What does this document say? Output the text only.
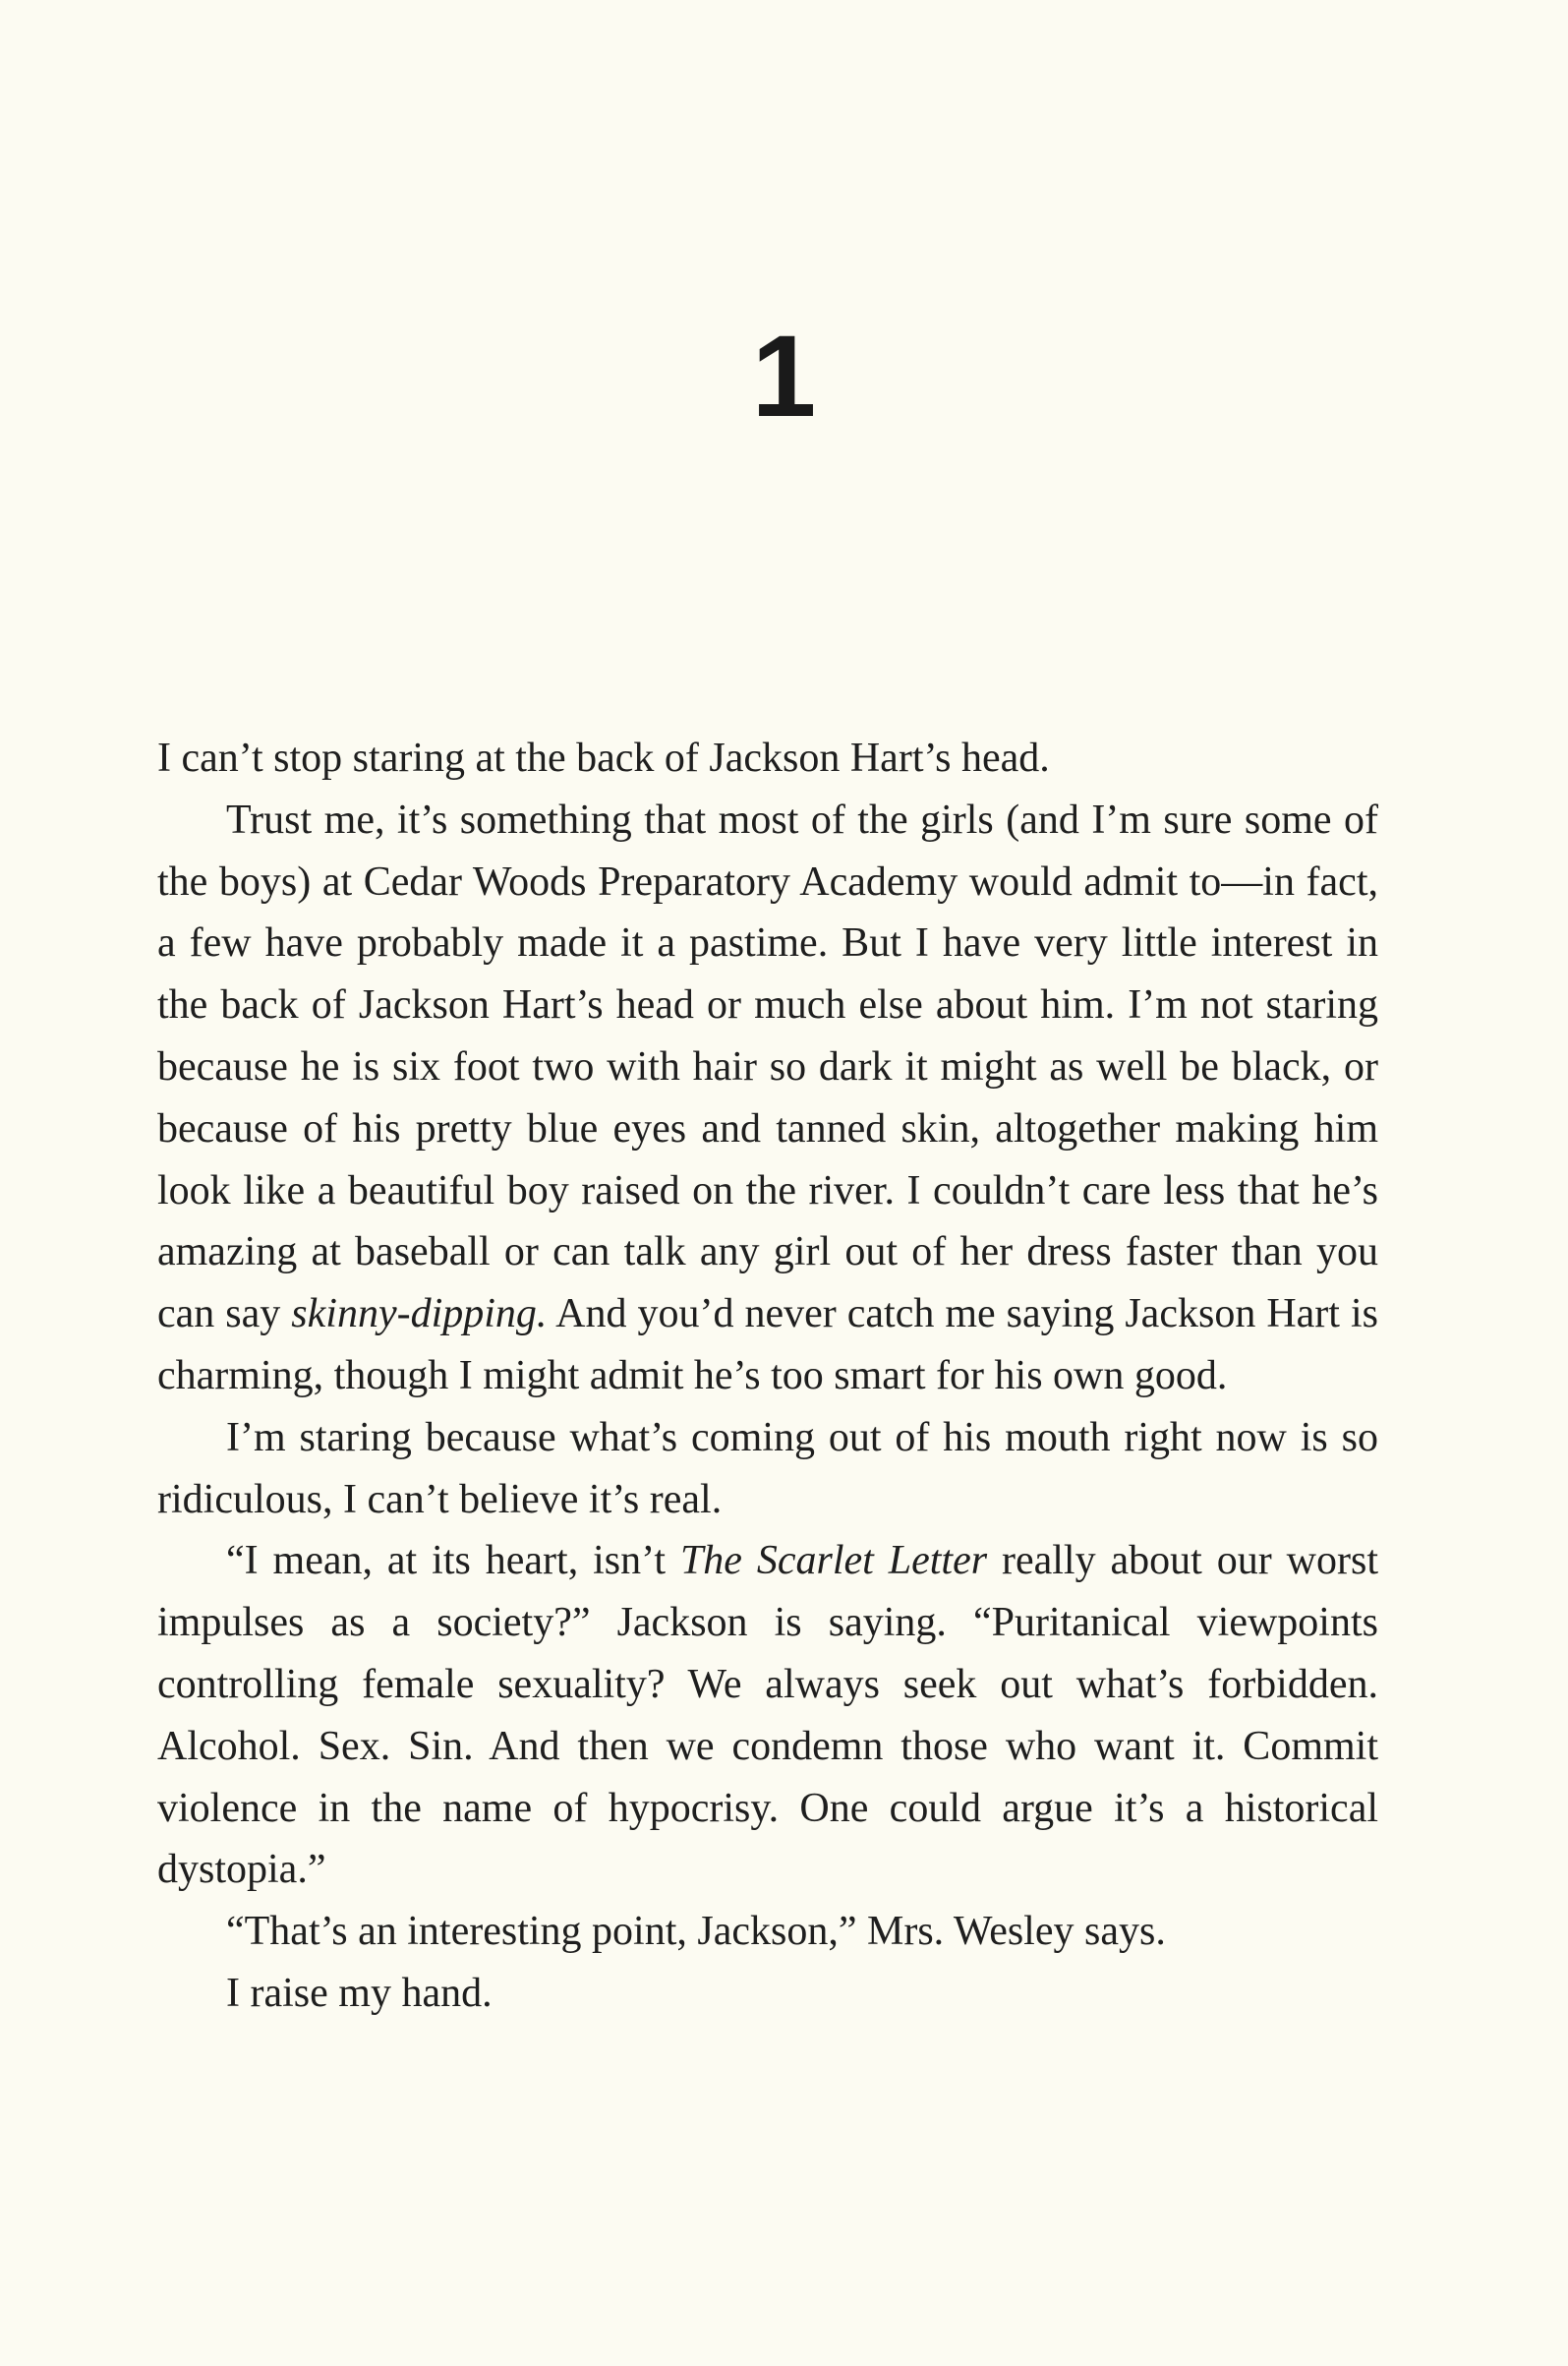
1

I can’t stop staring at the back of Jackson Hart’s head.

Trust me, it’s something that most of the girls (and I’m sure some of the boys) at Cedar Woods Preparatory Academy would admit to—in fact, a few have probably made it a pastime. But I have very little interest in the back of Jackson Hart’s head or much else about him. I’m not staring because he is six foot two with hair so dark it might as well be black, or because of his pretty blue eyes and tanned skin, altogether making him look like a beautiful boy raised on the river. I couldn’t care less that he’s amazing at baseball or can talk any girl out of her dress faster than you can say skinny-dipping. And you’d never catch me saying Jackson Hart is charming, though I might admit he’s too smart for his own good.

I’m staring because what’s coming out of his mouth right now is so ridiculous, I can’t believe it’s real.

“I mean, at its heart, isn’t The Scarlet Letter really about our worst impulses as a society?” Jackson is saying. “Puritanical viewpoints controlling female sexuality? We always seek out what’s forbidden. Alcohol. Sex. Sin. And then we condemn those who want it. Commit violence in the name of hypocrisy. One could argue it’s a historical dystopia.”

“That’s an interesting point, Jackson,” Mrs. Wesley says.

I raise my hand.
